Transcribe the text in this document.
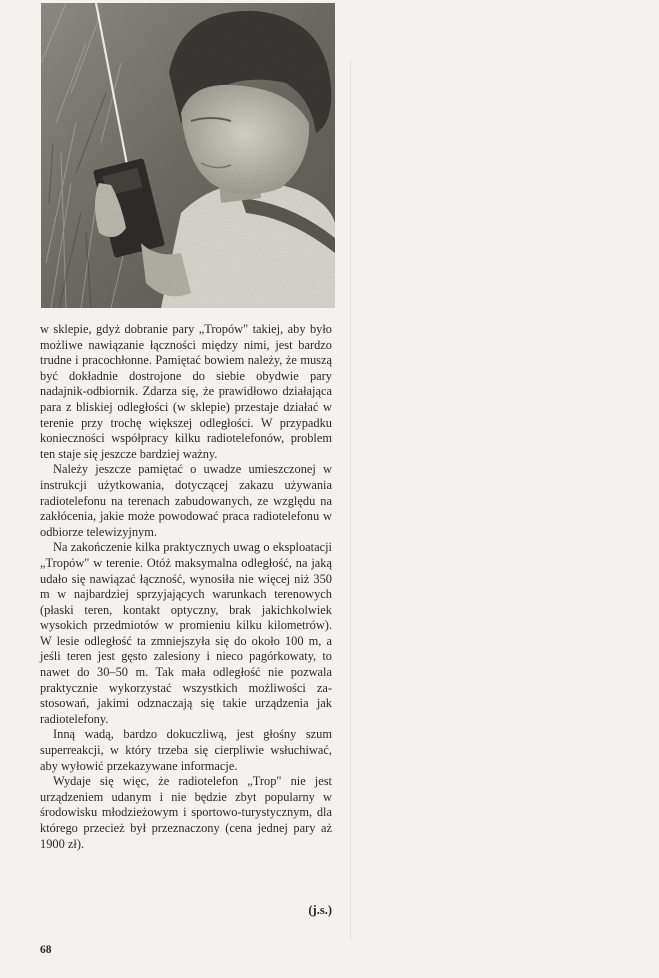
w sklepie, gdyż dobranie pary „Tropów" takiej, aby było możliwe nawiązanie łączności między nimi, jest bardzo trudne i pracochłonne. Pamiętać bowiem należy, że muszą być dokładnie dostrojone do siebie obydwie pary nadajnik-odbiornik. Zdarza się, że prawidłowo działająca para z bliskiej odległości (w sklepie) przestaje działać w terenie przy trochę większej odległości. W przypadku konieczności współpracy kilku radiotelefonów, problem ten staje się jeszcze bardziej ważny.

Należy jeszcze pamiętać o uwadze umieszczonej w instrukcji użytkowania, dotyczącej zakazu używania radiotelefonu na terenach zabudowanych, ze względu na zakłócenia, jakie może powodować praca radiotelefonu w odbiorze telewizyjnym.

Na zakończenie kilka praktycznych uwag o eksploatacji „Tropów" w terenie. Otóż maksymalna odległość, na jaką udało się nawiązać łączność, wynosiła nie więcej niż 350 m w najbardziej sprzyjających warunkach terenowych (płaski teren, kontakt optyczny, brak jakichkolwiek wysokich przedmiotów w promieniu kilku kilometrów). W lesie odległość ta zmniejszyła się do około 100 m, a jeśli teren jest gęsto zalesiony i nieco pagórkowaty, to nawet do 30–50 m. Tak mała odległość nie pozwala praktycznie wykorzystać wszystkich możliwości zastosowań, jakimi odznaczają się takie urządzenia jak radiotelefony.

Inną wadą, bardzo dokuczliwą, jest głośny szum superreakcji, w który trzeba się cierpliwie wsłuchiwać, aby wyłowić przekazywane informacje.

Wydaje się więc, że radiotelefon „Trop" nie jest urządzeniem udanym i nie będzie zbyt popularny w środowisku młodzieżowym i sportowo-turystycznym, dla którego przecież był przeznaczony (cena jednej pary aż 1900 zł).

(j.s.)

68
